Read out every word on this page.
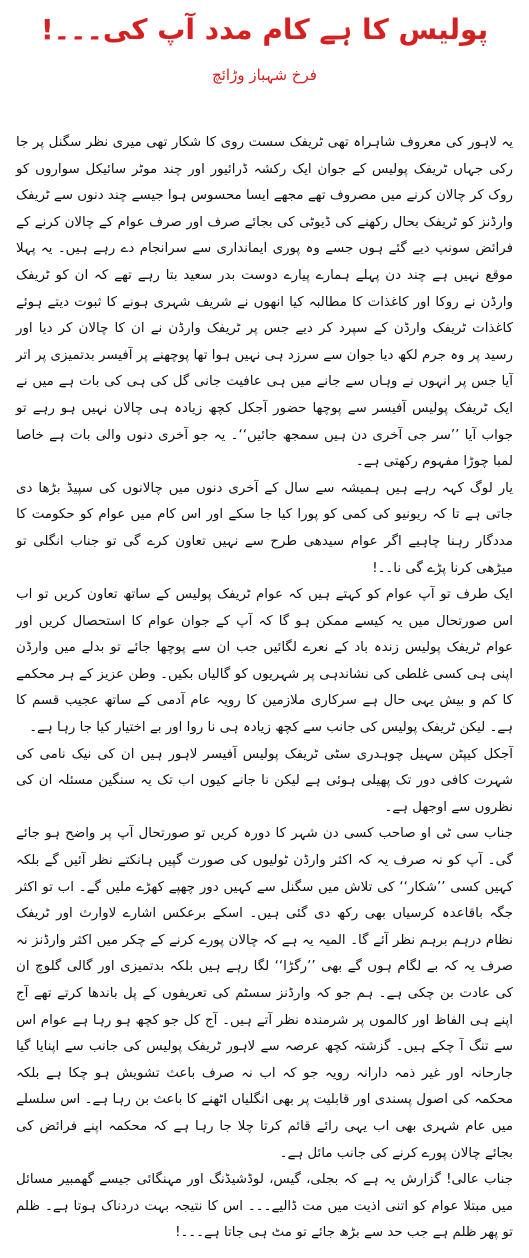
پولیس کا ہے کام مدد آپ کی۔۔۔!
فرخ شہباز وڑائچ

یہ لاہور کی معروف شاہراہ تھی ٹریفک سست روی کا شکار تھی میری نظر سگنل پر جا رکی جہاں ٹریفک پولیس کے جوان ایک رکشہ ڈرائیور اور چند موٹر سائیکل سواروں کو روک کر چالان کرنے میں مصروف تھے مجھے ایسا محسوس ہوا جیسے چند دنوں سے ٹریفک وارڈنز کو ٹریفک بحال رکھنے کی ڈیوٹی کی بجائے صرف اور صرف عوام کے چالان کرنے کے فرائض سونپ دیے گئے ہوں جسے وہ پوری ایمانداری سے سرانجام دے رہے ہیں۔ یہ پہلا موقع نہیں ہے چند دن پہلے ہمارے پیارے دوست بدر سعید بتا رہے تھے کہ ان کو ٹریفک وارڈن نے روکا اور کاغذات کا مطالبہ کیا انھوں نے شریف شہری ہونے کا ثبوت دیتے ہوئے کاغذات ٹریفک وارڈن کے سپرد کر دیے جس پر ٹریفک وارڈن نے ان کا چالان کر دیا اور رسید پر وہ جرم لکھ دیا جوان سے سرزد ہی نہیں ہوا تھا پوچھنے پر آفیسر بدتمیزی پر اتر آیا جس پر انہوں نے وہاں سے جانے میں ہی عافیت جانی گل کی ہی کی بات ہے میں نے ایک ٹریفک پولیس آفیسر سے پوچھا حضور آجکل کچھ زیادہ ہی چالان نہیں ہو رہے تو جواب آیا ’’سر جی آخری دن ہیں سمجھ جائیں‘‘۔ یہ جو آخری دنوں والی بات ہے خاصا لمبا چوڑا مفہوم رکھتی ہے۔

یار لوگ کہہ رہے ہیں ہمیشہ سے سال کے آخری دنوں میں چالانوں کی سپیڈ بڑھا دی جاتی ہے تا کہ ریونیو کی کمی کو پورا کیا جا سکے اور اس کام میں عوام کو حکومت کا مددگار رہنا چاہیے اگر عوام سیدھی طرح سے نہیں تعاون کرے گی تو جناب انگلی تو میڑھی کرنا پڑے گی نا۔۔!

ایک طرف تو آپ عوام کو کہتے ہیں کہ عوام ٹریفک پولیس کے ساتھ تعاون کریں تو اب اس صورتحال میں یہ کیسے ممکن ہو گا کہ آپ کے جوان عوام کا استحصال کریں اور عوام ٹریفک پولیس زندہ باد کے نعرے لگائیں جب ان سے پوچھا جائے تو بدلے میں وارڈن اپنی ہی کسی غلطی کی نشاندہی پر شہریوں کو گالیاں بکیں۔ وطن عزیز کے ہر محکمے کا کم و بیش یہی حال ہے سرکاری ملازمین کا رویہ عام آدمی کے ساتھ عجیب قسم کا ہے۔ لیکن ٹریفک پولیس کی جانب سے کچھ زیادہ ہی نا روا اور بے اختیار کیا جا رہا ہے۔

آجکل کیپٹن سہیل چوہدری سٹی ٹریفک پولیس آفیسر لاہور ہیں ان کی نیک نامی کی شہرت کافی دور تک پھیلی ہوئی ہے لیکن نا جانے کیوں اب تک یہ سنگین مسئلہ ان کی نظروں سے اوجھل ہے۔

جناب سی ٹی او صاحب کسی دن شہر کا دورہ کریں تو صورتحال آپ پر واضح ہو جائے گی۔ آپ کو نہ صرف یہ کہ اکثر وارڈن ٹولیوں کی صورت گپیں ہانکتے نظر آئیں گے بلکہ کہیں کسی ’’شکار‘‘ کی تلاش میں سگنل سے کہیں دور چھپے کھڑے ملیں گے۔ اب تو اکثر جگہ باقاعدہ کرسیاں بھی رکھ دی گئی ہیں۔ اسکے برعکس اشارے لاوارث اور ٹریفک نظام درہم برہم نظر آئے گا۔ المیہ یہ ہے کہ چالان پورے کرنے کے چکر میں اکثر وارڈنز نہ صرف یہ کہ بے لگام ہوں گے بھی ’’رگڑا‘‘ لگا رہے ہیں بلکہ بدتمیزی اور گالی گلوچ ان کی عادت بن چکی ہے۔ ہم جو کہ وارڈنز سسٹم کی تعریفوں کے پل باندھا کرتے تھے آج اپنے ہی الفاظ اور کالموں پر شرمندہ نظر آتے ہیں۔ آج کل جو کچھ ہو رہا ہے عوام اس سے تنگ آ چکے ہیں۔ گزشتہ کچھ عرصہ سے لاہور ٹریفک پولیس کی جانب سے اپنایا گیا جارحانہ اور غیر ذمہ دارانہ رویہ جو کہ اب نہ صرف باعث تشویش ہو چکا ہے بلکہ محکمہ کی اصول پسندی اور قابلیت پر بھی انگلیاں اٹھنے کا باعث بن رہا ہے۔ اس سلسلے میں عام شہری بھی اب یہی رائے قائم کرتا چلا جا رہا ہے کہ محکمہ اپنے فرائض کی بجائے چالان پورے کرنے کی جانب مائل ہے۔

جناب عالی! گزارش یہ ہے کہ بجلی، گیس، لوڈشیڈنگ اور مہنگائی جیسے گھمبیر مسائل میں مبتلا عوام کو اتنی اذیت میں مت ڈالیے۔۔۔ اس کا نتیجہ بہت دردناک ہوتا ہے۔ ظلم تو پھر ظلم ہے جب حد سے بڑھ جائے تو مٹ ہی جاتا ہے۔۔۔!
